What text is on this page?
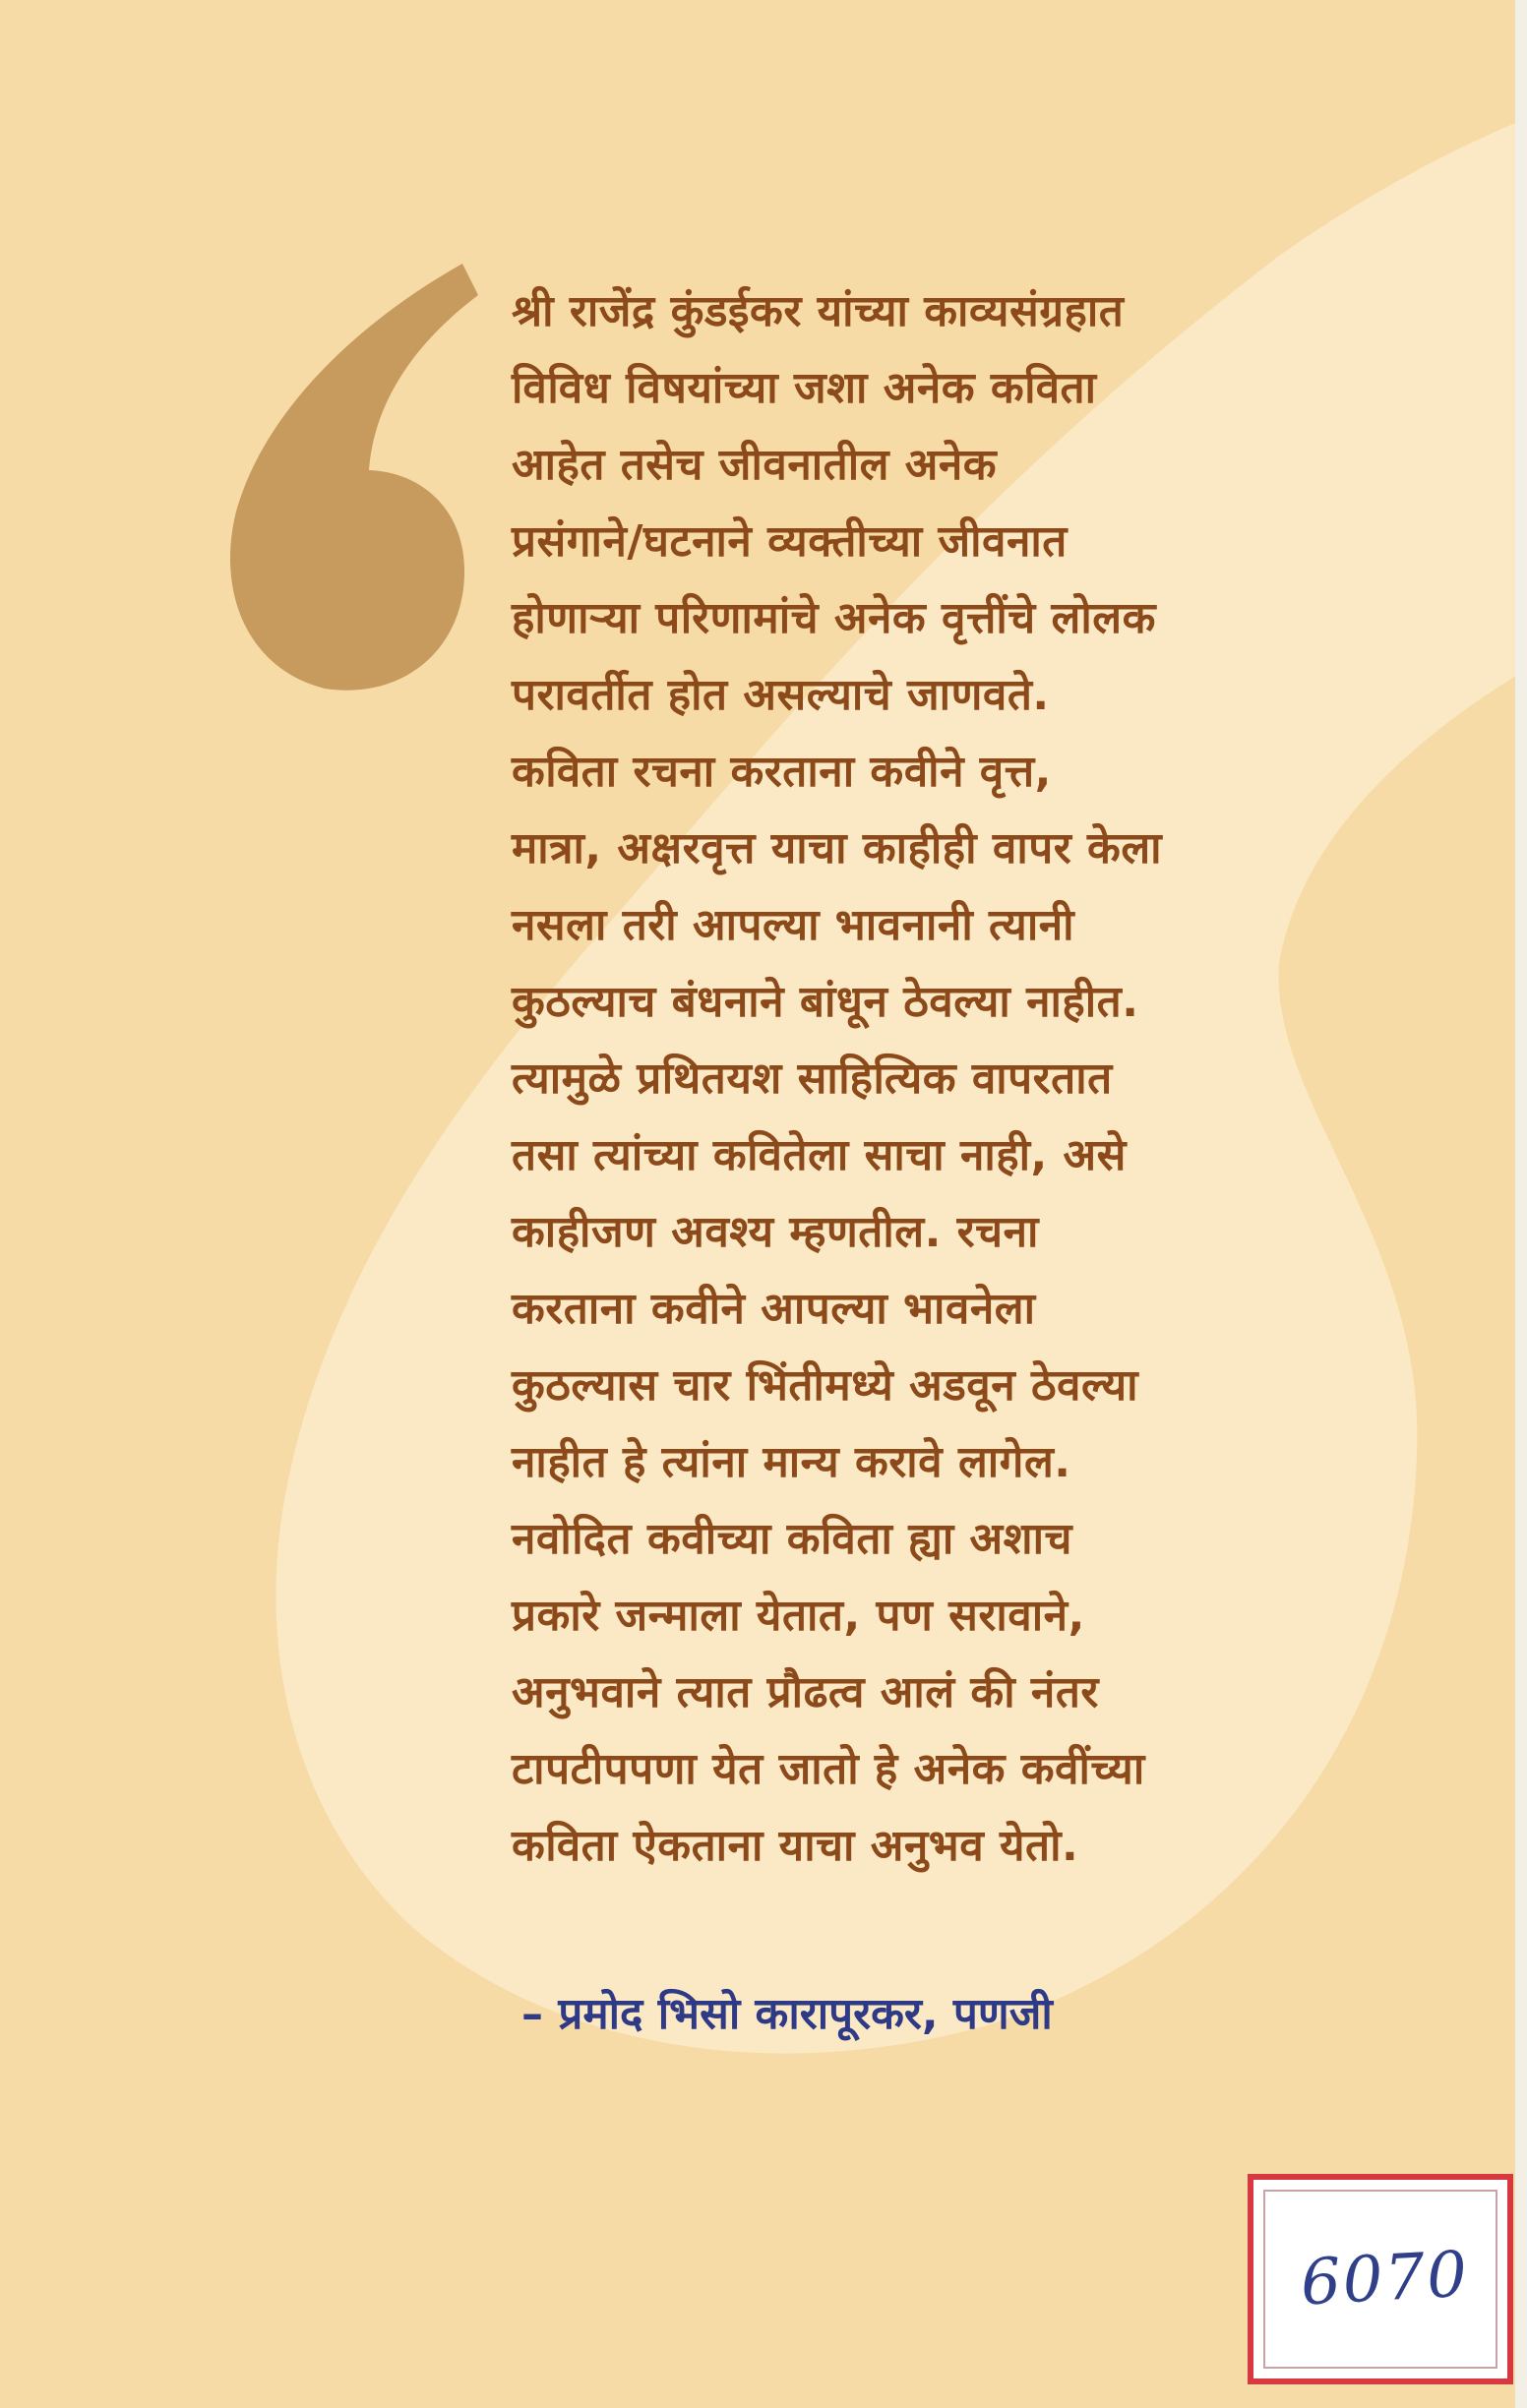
श्री राजेंद्र कुंडईकर यांच्या काव्यसंग्रहात
विविध विषयांच्या जशा अनेक कविता
आहेत तसेच जीवनातील अनेक
प्रसंगाने/घटनाने व्यक्तीच्या जीवनात
होणाऱ्या परिणामांचे अनेक वृत्तींचे लोलक
परावर्तीत होत असल्याचे जाणवते.
कविता रचना करताना कवीने वृत्त,
मात्रा, अक्षरवृत्त याचा काहीही वापर केला
नसला तरी आपल्या भावनानी त्यानी
कुठल्याच बंधनाने बांधून ठेवल्या नाहीत.
त्यामुळे प्रथितयश साहित्यिक वापरतात
तसा त्यांच्या कवितेला साचा नाही, असे
काहीजण अवश्य म्हणतील. रचना
करताना कवीने आपल्या भावनेला
कुठल्यास चार भिंतीमध्ये अडवून ठेवल्या
नाहीत हे त्यांना मान्य करावे लागेल.
नवोदित कवीच्या कविता ह्या अशाच
प्रकारे जन्माला येतात, पण सरावाने,
अनुभवाने त्यात प्रौढत्व आलं की नंतर
टापटीपपणा येत जातो हे अनेक कवींच्या
कविता ऐकताना याचा अनुभव येतो.
– प्रमोद भिसो कारापूरकर, पणजी
6070
